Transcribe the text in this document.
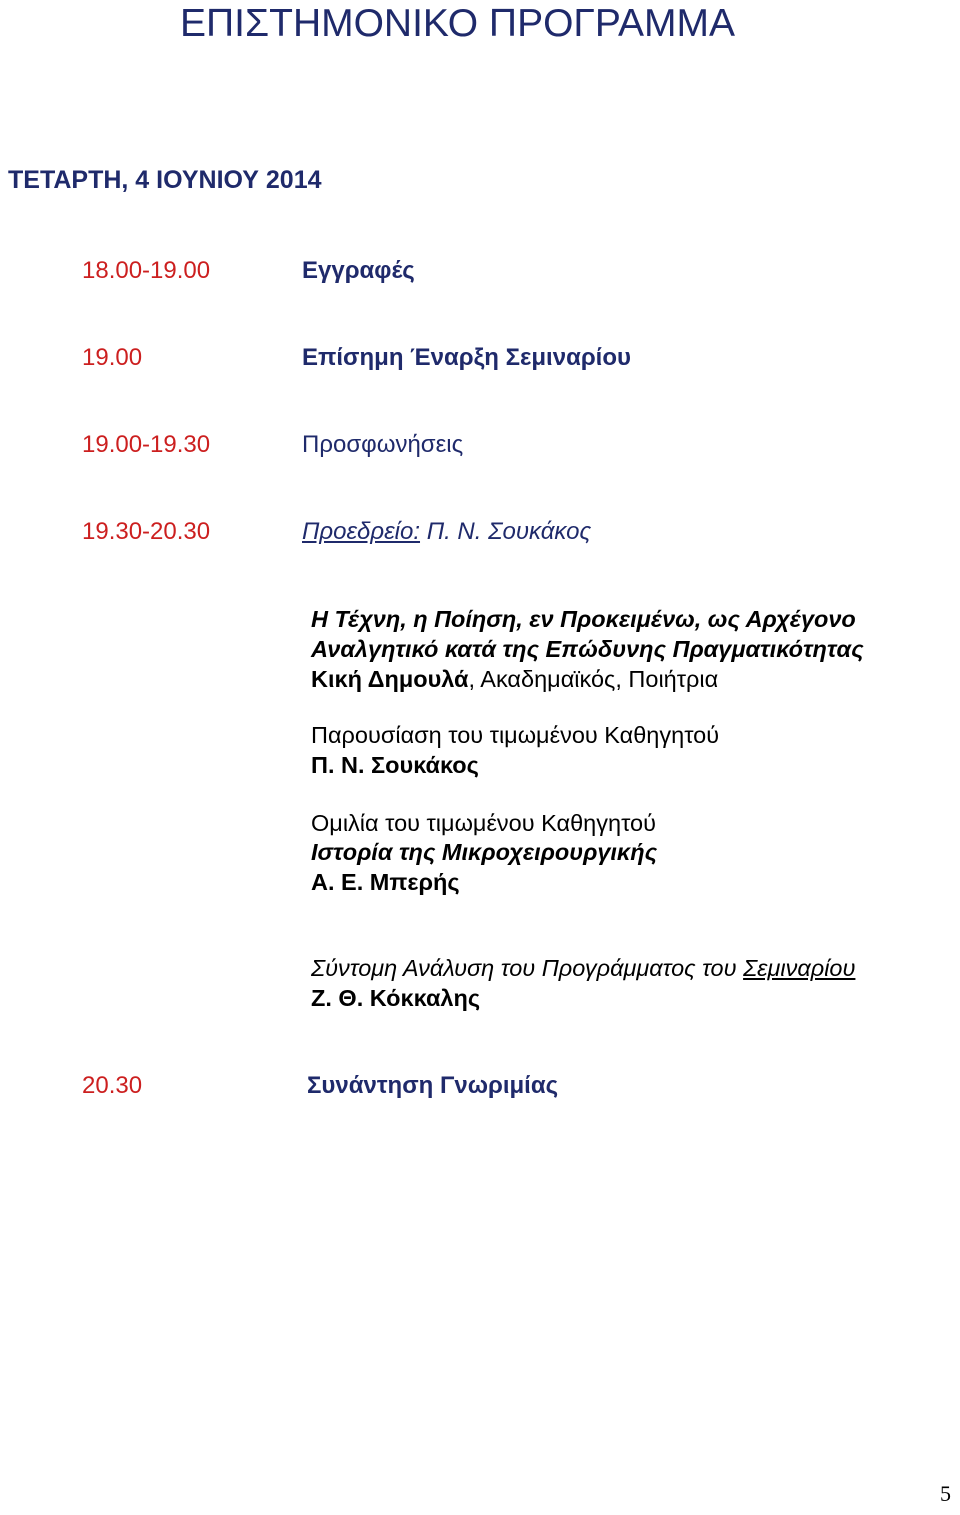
ΕΠΙΣΤΗΜΟΝΙΚΟ ΠΡΟΓΡΑΜΜΑ
ΤΕΤΑΡΤΗ, 4 ΙΟΥΝΙΟΥ 2014
18.00-19.00	Εγγραφές
19.00	Επίσημη Έναρξη Σεμιναρίου
19.00-19.30	Προσφωνήσεις
19.30-20.30	Προεδρείο: Π. Ν. Σουκάκος
Η Τέχνη, η Ποίηση, εν Προκειμένω, ως Αρχέγονο
Αναλγητικό κατά της Επώδυνης Πραγματικότητας
Κική Δημουλά, Ακαδημαϊκός, Ποιήτρια
Παρουσίαση του τιμωμένου Καθηγητού
Π. Ν. Σουκάκος
Ομιλία του τιμωμένου Καθηγητού
Ιστορία της Μικροχειρουργικής
Α. Ε. Μπερής
Σύντομη Ανάλυση του Προγράμματος του Σεμιναρίου
Ζ. Θ. Κόκκαλης
20.30	Συνάντηση Γνωριμίας
5
